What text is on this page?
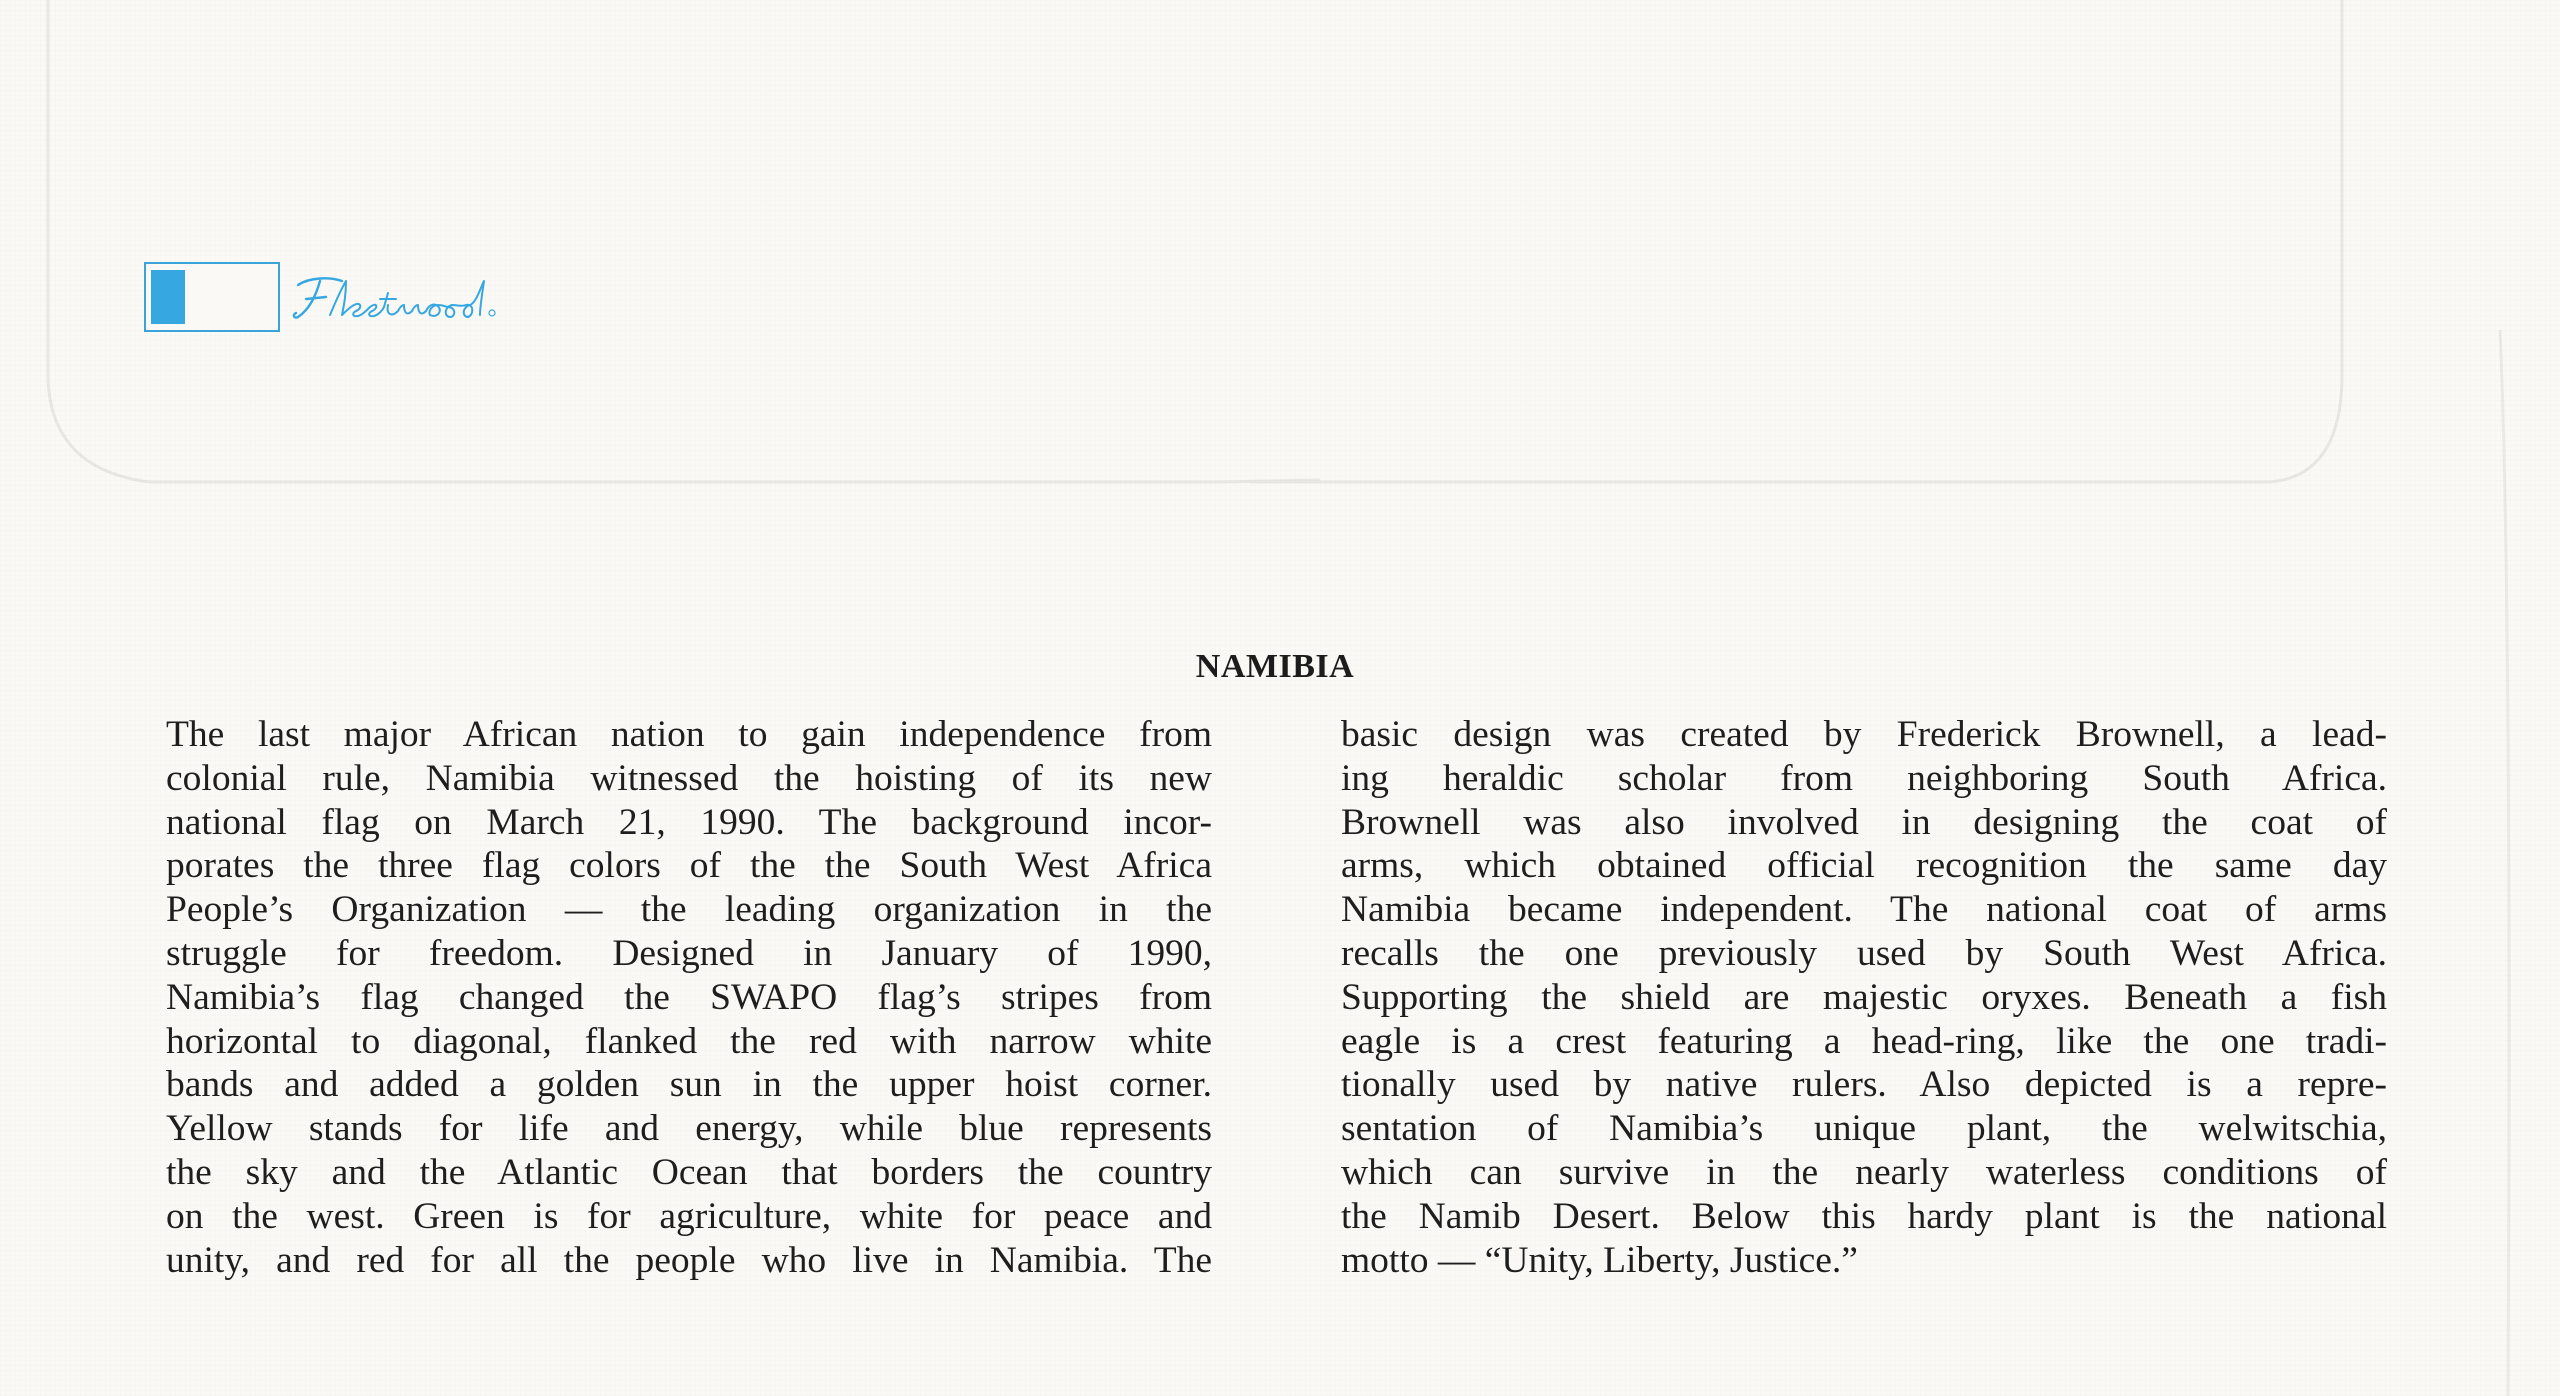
NAMIBIA
The last major African nation to gain independence from
colonial rule, Namibia witnessed the hoisting of its new
national flag on March 21, 1990. The background incor-
porates the three flag colors of the the South West Africa
People’s Organization — the leading organization in the
struggle for freedom. Designed in January of 1990,
Namibia’s flag changed the SWAPO flag’s stripes from
horizontal to diagonal, flanked the red with narrow white
bands and added a golden sun in the upper hoist corner.
Yellow stands for life and energy, while blue represents
the sky and the Atlantic Ocean that borders the country
on the west. Green is for agriculture, white for peace and
unity, and red for all the people who live in Namibia. The
basic design was created by Frederick Brownell, a lead-
ing heraldic scholar from neighboring South Africa.
Brownell was also involved in designing the coat of
arms, which obtained official recognition the same day
Namibia became independent. The national coat of arms
recalls the one previously used by South West Africa.
Supporting the shield are majestic oryxes. Beneath a fish
eagle is a crest featuring a head-ring, like the one tradi-
tionally used by native rulers. Also depicted is a repre-
sentation of Namibia’s unique plant, the welwitschia,
which can survive in the nearly waterless conditions of
the Namib Desert. Below this hardy plant is the national
motto — “Unity, Liberty, Justice.”
